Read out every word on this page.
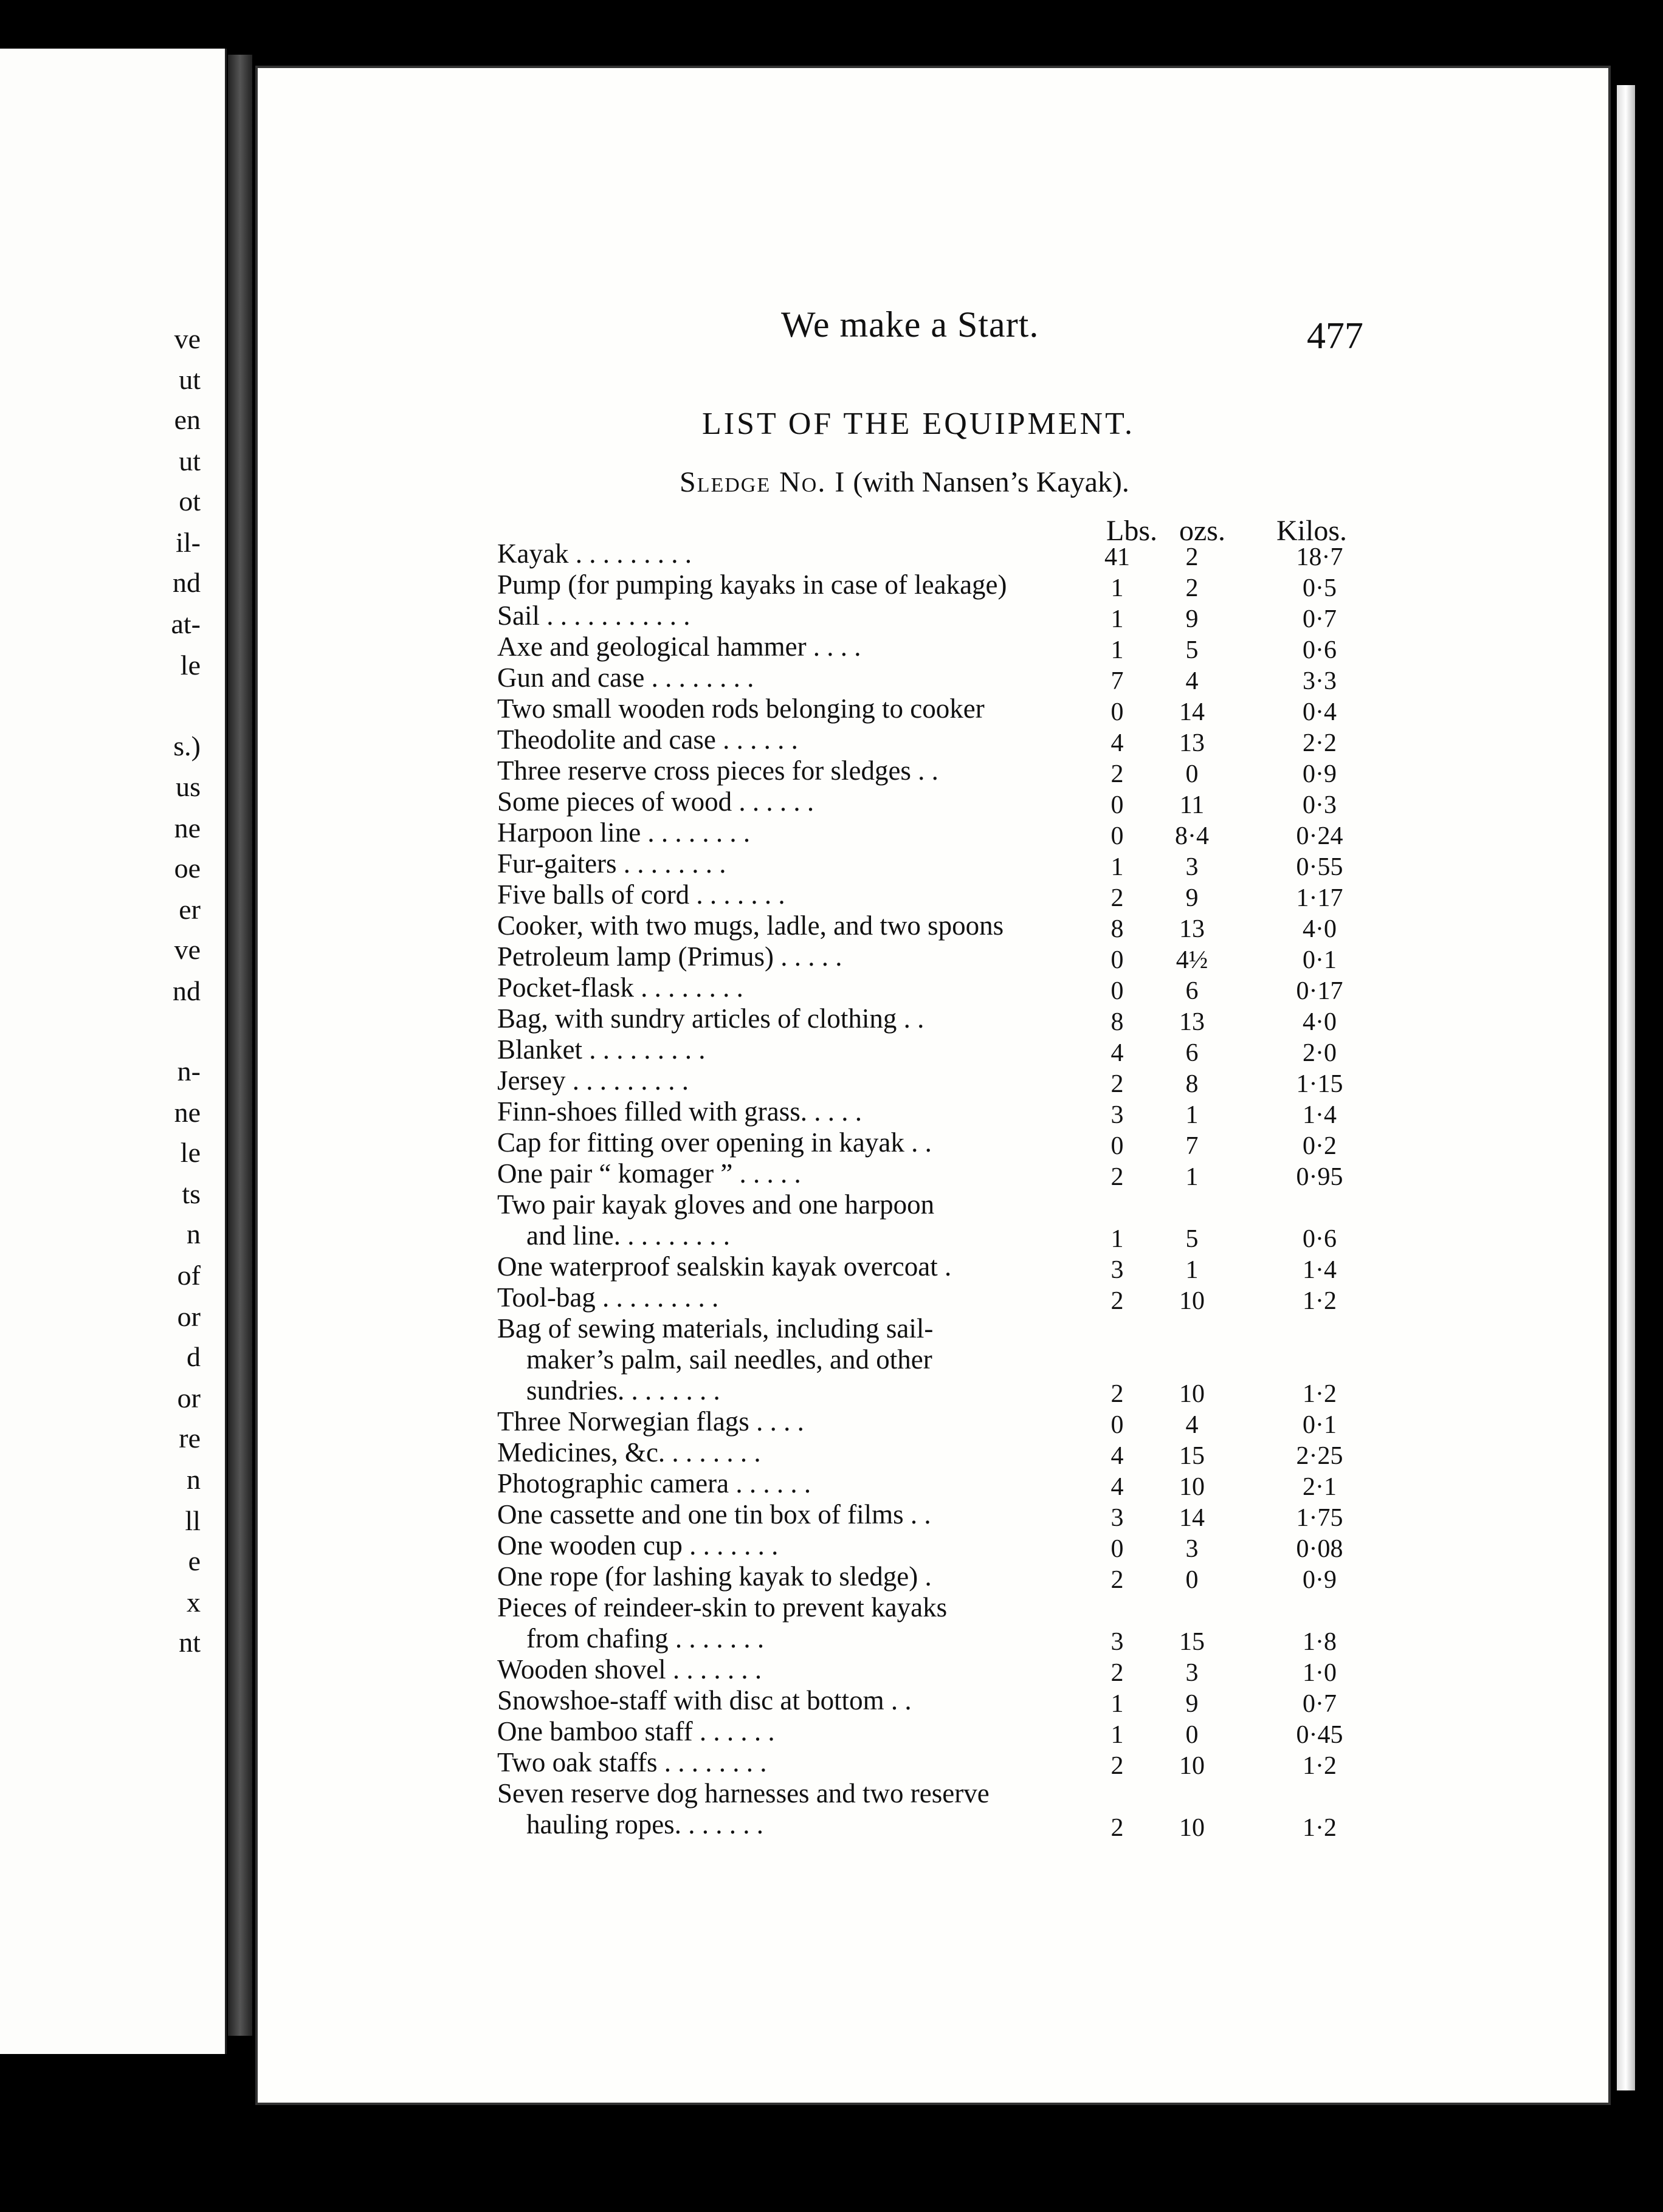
ve
ut
en
ut
ot
il-
nd
at-
le
s.)
us
ne
oe
er
ve
nd
n-
ne
le
ts
n
of
or
d
or
re
n
ll
e
x
nt
We make a Start.	477
LIST OF THE EQUIPMENT.
Sledge No. I (with Nansen’s Kayak).
Lbs. ozs. Kilos.
Kayak . . . . . . . . .	41	2	18·7
Pump (for pumping kayaks in case of leakage)	1	2	0·5
Sail . . . . . . . . . . .	1	9	0·7
Axe and geological hammer . . . .	1	5	0·6
Gun and case . . . . . . . .	7	4	3·3
Two small wooden rods belonging to cooker	0	14	0·4
Theodolite and case . . . . . .	4	13	2·2
Three reserve cross pieces for sledges . .	2	0	0·9
Some pieces of wood . . . . . .	0	11	0·3
Harpoon line . . . . . . . .	0	8·4	0·24
Fur-gaiters . . . . . . . .	1	3	0·55
Five balls of cord . . . . . . .	2	9	1·17
Cooker, with two mugs, ladle, and two spoons	8	13	4·0
Petroleum lamp (Primus) . . . . .	0	4½	0·1
Pocket-flask . . . . . . . .	0	6	0·17
Bag, with sundry articles of clothing . .	8	13	4·0
Blanket . . . . . . . . .	4	6	2·0
Jersey . . . . . . . . .	2	8	1·15
Finn-shoes filled with grass. . . . .	3	1	1·4
Cap for fitting over opening in kayak . .	0	7	0·2
One pair “ komager ” . . . . .	2	1	0·95
Two pair kayak gloves and one harpoon
and line. . . . . . . . .	1	5	0·6
One waterproof sealskin kayak overcoat .	3	1	1·4
Tool-bag . . . . . . . . .	2	10	1·2
Bag of sewing materials, including sail-
maker’s palm, sail needles, and other
sundries. . . . . . . .	2	10	1·2
Three Norwegian flags . . . .	0	4	0·1
Medicines, &c. . . . . . . .	4	15	2·25
Photographic camera . . . . . .	4	10	2·1
One cassette and one tin box of films . .	3	14	1·75
One wooden cup . . . . . . .	0	3	0·08
One rope (for lashing kayak to sledge) .	2	0	0·9
Pieces of reindeer-skin to prevent kayaks
from chafing . . . . . . .	3	15	1·8
Wooden shovel . . . . . . .	2	3	1·0
Snowshoe-staff with disc at bottom . .	1	9	0·7
One bamboo staff . . . . . .	1	0	0·45
Two oak staffs . . . . . . . .	2	10	1·2
Seven reserve dog harnesses and two reserve
hauling ropes. . . . . . .	2	10	1·2
